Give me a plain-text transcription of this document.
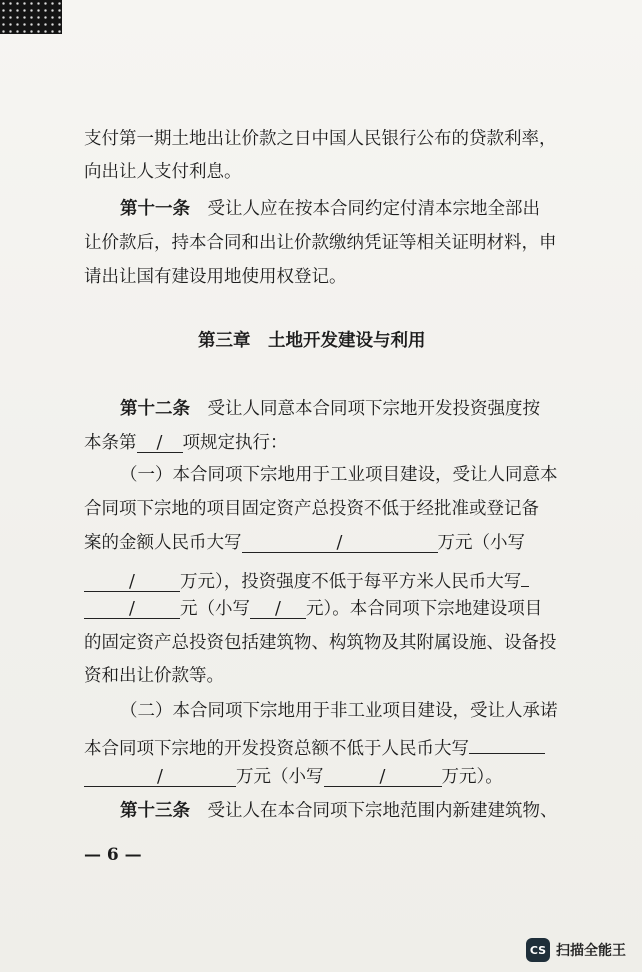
支付第一期土地出让价款之日中国人民银行公布的贷款利率，
向出让人支付利息。
第十一条　 受让人应在按本合同约定付清本宗地全部出
让价款后，持本合同和出让价款缴纳凭证等相关证明材料，申
请出让国有建设用地使用权登记。
第三章　土地开发建设与利用
第十二条　 受让人同意本合同项下宗地开发投资强度按
本条第 / 项规定执行：
（一）本合同项下宗地用于工业项目建设，受让人同意本
合同项下宗地的项目固定资产总投资不低于经批准或登记备
案的金额人民币大写	/	万元（小写
/	万元），投资强度不低于每平方米人民币大写
/	元（小写 / 元）。本合同项下宗地建设项目
的固定资产总投资包括建筑物、构筑物及其附属设施、设备投
资和出让价款等。
（二）本合同项下宗地用于非工业项目建设，受让人承诺
本合同项下宗地的开发投资总额不低于人民币大写
/	万元（小写	/	万元）。
第十三条　 受让人在本合同项下宗地范围内新建建筑物、
— 6 —
CS 扫描全能王
